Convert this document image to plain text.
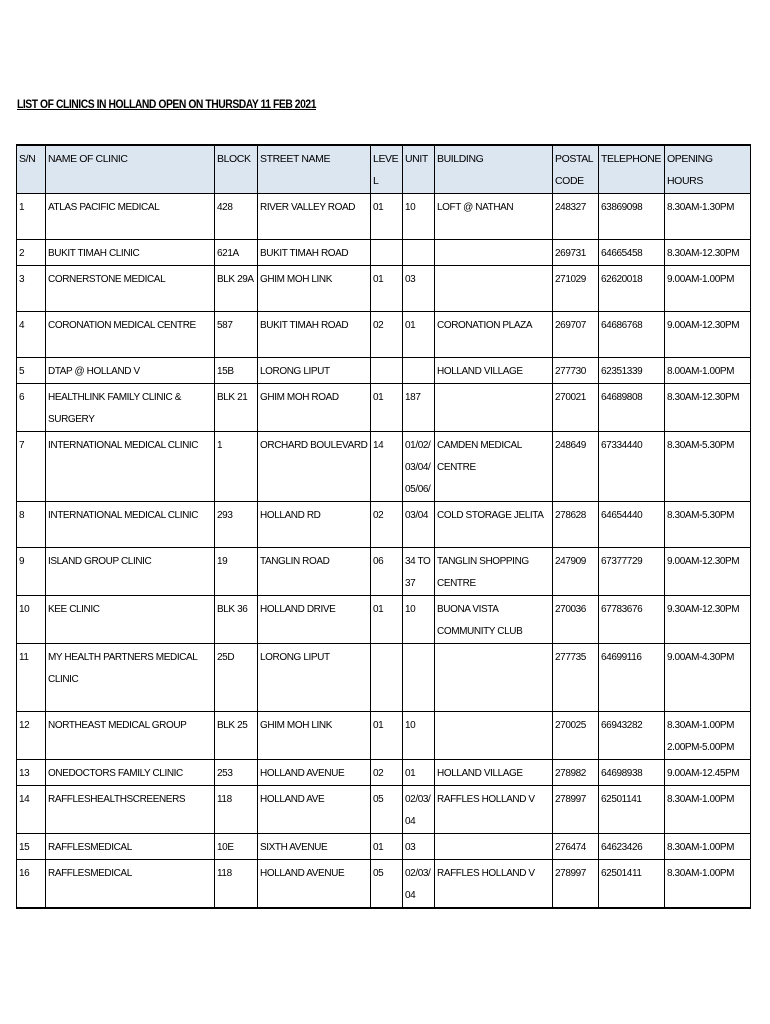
LIST OF CLINICS IN HOLLAND OPEN ON THURSDAY 11 FEB 2021
S/N	NAME OF CLINIC	BLOCK	STREET NAME	LEVEL	UNIT	BUILDING	POSTAL CODE	TELEPHONE	OPENING HOURS
1	ATLAS PACIFIC MEDICAL	428	RIVER VALLEY ROAD	01	10	LOFT @ NATHAN	248327	63869098	8.30AM-1.30PM
2	BUKIT TIMAH CLINIC	621A	BUKIT TIMAH ROAD				269731	64665458	8.30AM-12.30PM
3	CORNERSTONE MEDICAL	BLK 29A	GHIM MOH LINK	01	03		271029	62620018	9.00AM-1.00PM
4	CORONATION MEDICAL CENTRE	587	BUKIT TIMAH ROAD	02	01	CORONATION PLAZA	269707	64686768	9.00AM-12.30PM
5	DTAP @ HOLLAND V	15B	LORONG LIPUT			HOLLAND VILLAGE	277730	62351339	8.00AM-1.00PM
6	HEALTHLINK FAMILY CLINIC & SURGERY	BLK 21	GHIM MOH ROAD	01	187		270021	64689808	8.30AM-12.30PM
7	INTERNATIONAL MEDICAL CLINIC	1	ORCHARD BOULEVARD	14	01/02/ 03/04/ 05/06/	CAMDEN MEDICAL CENTRE	248649	67334440	8.30AM-5.30PM
8	INTERNATIONAL MEDICAL CLINIC	293	HOLLAND RD	02	03/04	COLD STORAGE JELITA	278628	64654440	8.30AM-5.30PM
9	ISLAND GROUP CLINIC	19	TANGLIN ROAD	06	34 TO 37	TANGLIN SHOPPING CENTRE	247909	67377729	9.00AM-12.30PM
10	KEE CLINIC	BLK 36	HOLLAND DRIVE	01	10	BUONA VISTA COMMUNITY CLUB	270036	67783676	9.30AM-12.30PM
11	MY HEALTH PARTNERS MEDICAL CLINIC	25D	LORONG LIPUT				277735	64699116	9.00AM-4.30PM
12	NORTHEAST MEDICAL GROUP	BLK 25	GHIM MOH LINK	01	10		270025	66943282	8.30AM-1.00PM 2.00PM-5.00PM
13	ONEDOCTORS FAMILY CLINIC	253	HOLLAND AVENUE	02	01	HOLLAND VILLAGE	278982	64698938	9.00AM-12.45PM
14	RAFFLESHEALTHSCREENERS	118	HOLLAND AVE	05	02/03/ 04	RAFFLES HOLLAND V	278997	62501141	8.30AM-1.00PM
15	RAFFLESMEDICAL	10E	SIXTH AVENUE	01	03		276474	64623426	8.30AM-1.00PM
16	RAFFLESMEDICAL	118	HOLLAND AVENUE	05	02/03/ 04	RAFFLES HOLLAND V	278997	62501411	8.30AM-1.00PM
